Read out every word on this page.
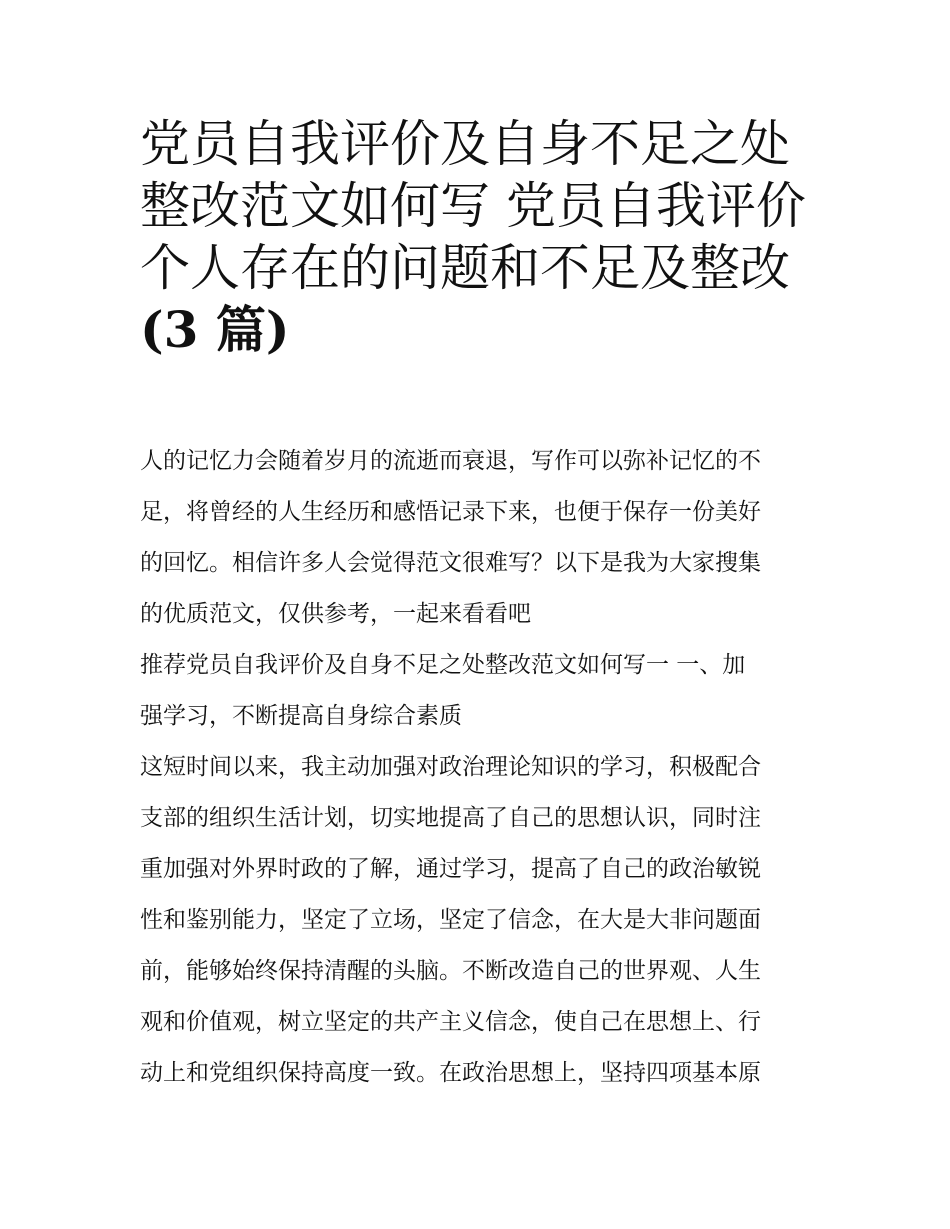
党员自我评价及自身不足之处
整改范文如何写 党员自我评价
个人存在的问题和不足及整改
(3 篇)

人的记忆力会随着岁月的流逝而衰退，写作可以弥补记忆的不
足，将曾经的人生经历和感悟记录下来，也便于保存一份美好
的回忆。相信许多人会觉得范文很难写？以下是我为大家搜集
的优质范文，仅供参考，一起来看看吧

推荐党员自我评价及自身不足之处整改范文如何写一 一、加
强学习，不断提高自身综合素质

这短时间以来，我主动加强对政治理论知识的学习，积极配合
支部的组织生活计划，切实地提高了自己的思想认识，同时注
重加强对外界时政的了解，通过学习，提高了自己的政治敏锐
性和鉴别能力，坚定了立场，坚定了信念，在大是大非问题面
前，能够始终保持清醒的头脑。不断改造自己的世界观、人生
观和价值观，树立坚定的共产主义信念，使自己在思想上、行
动上和党组织保持高度一致。在政治思想上，坚持四项基本原
